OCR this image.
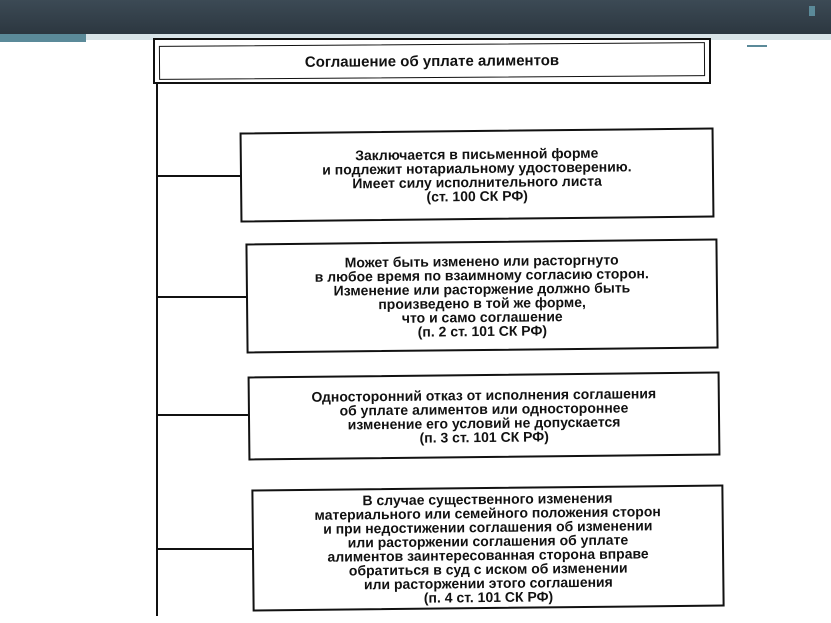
Соглашение об уплате алиментов
Заключается в письменной форме
и подлежит нотариальному удостоверению.
Имеет силу исполнительного листа
(ст. 100 СК РФ)
Может быть изменено или расторгнуто
в любое время по взаимному согласию сторон.
Изменение или расторжение должно быть
произведено в той же форме,
что и само соглашение
(п. 2 ст. 101 СК РФ)
Односторонний отказ от исполнения соглашения
об уплате алиментов или одностороннее
изменение его условий не допускается
(п. 3 ст. 101 СК РФ)
В случае существенного изменения
материального или семейного положения сторон
и при недостижении соглашения об изменении
или расторжении соглашения об уплате
алиментов заинтересованная сторона вправе
обратиться в суд с иском об изменении
или расторжении этого соглашения
(п. 4 ст. 101 СК РФ)
